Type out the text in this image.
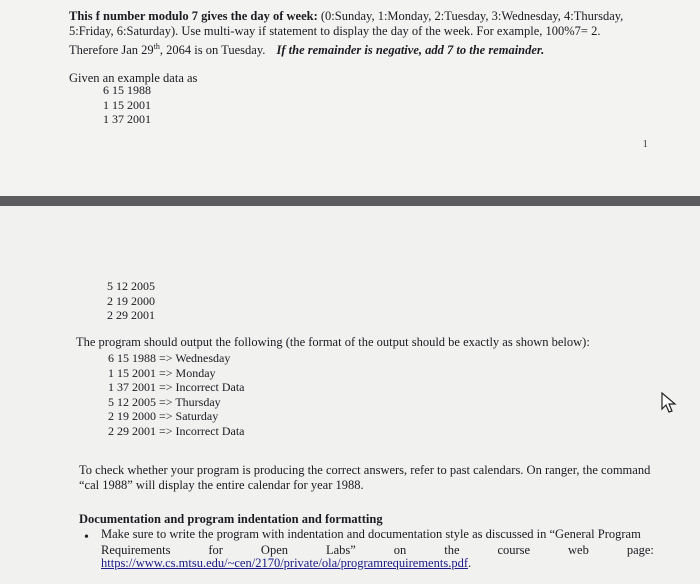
This f number modulo 7 gives the day of week: (0:Sunday, 1:Monday, 2:Tuesday, 3:Wednesday, 4:Thursday,
5:Friday, 6:Saturday). Use multi-way if statement to display the day of the week. For example, 100%7= 2.
Therefore Jan 29th, 2064 is on Tuesday. If the remainder is negative, add 7 to the remainder.
Given an example data as
6 15 1988
1 15 2001
1 37 2001
1
5 12 2005
2 19 2000
2 29 2001
The program should output the following (the format of the output should be exactly as shown below):
6 15 1988 => Wednesday
1 15 2001 => Monday
1 37 2001 => Incorrect Data
5 12 2005 => Thursday
2 19 2000 => Saturday
2 29 2001 => Incorrect Data
To check whether your program is producing the correct answers, refer to past calendars. On ranger, the command
“cal 1988” will display the entire calendar for year 1988.
Documentation and program indentation and formatting
• Make sure to write the program with indentation and documentation style as discussed in “General Program
Requirements	for	Open	Labs”	on	the	course	web	page:
https://www.cs.mtsu.edu/~cen/2170/private/ola/programrequirements.pdf.
